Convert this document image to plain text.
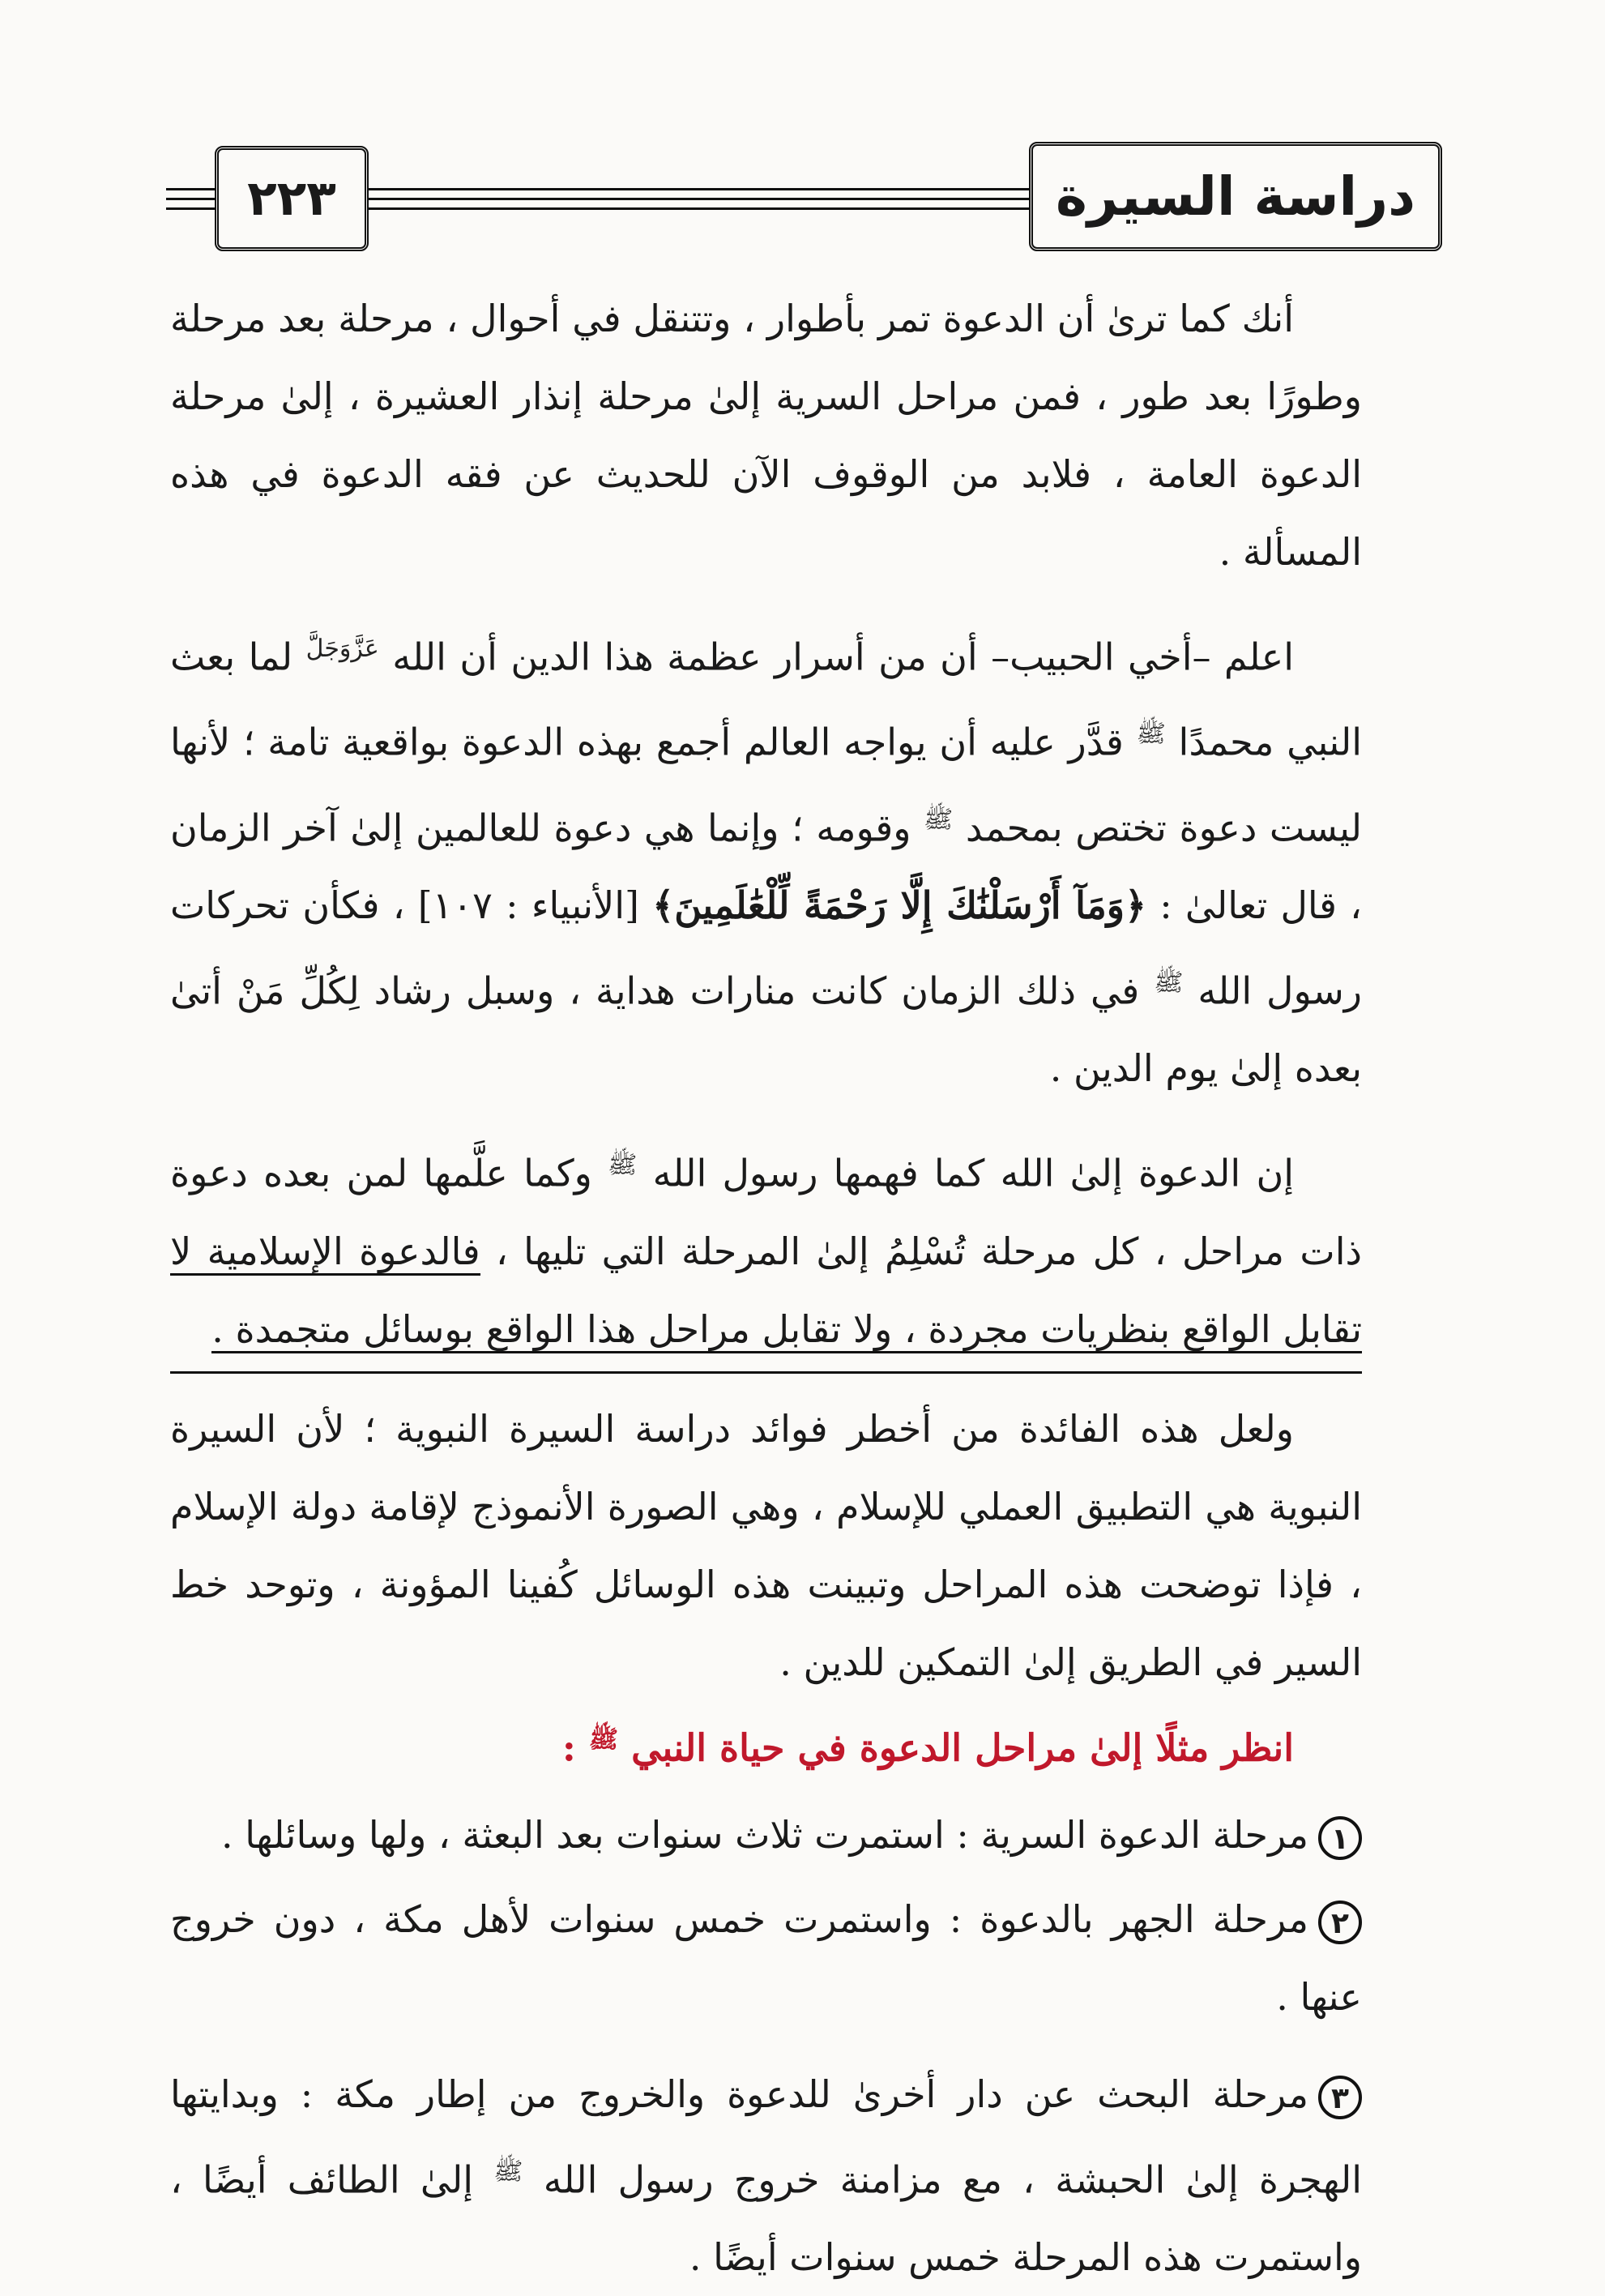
٢٢٣	دراسة السيرة

أنك كما ترىٰ أن الدعوة تمر بأطوار ، وتتنقل في أحوال ، مرحلة بعد مرحلة وطورًا بعد طور ، فمن مراحل السرية إلىٰ مرحلة إنذار العشيرة ، إلىٰ مرحلة الدعوة العامة ، فلابد من الوقوف الآن للحديث عن فقه الدعوة في هذه المسألة .

اعلم –أخي الحبيب– أن من أسرار عظمة هذا الدين أن الله $^{عَزَّوَجَلَّ}$ لما بعث النبي محمدًا $^ﷺ$ قدَّر عليه أن يواجه العالم أجمع بهذه الدعوة بواقعية تامة ؛ لأنها ليست دعوة تختص بمحمد $^ﷺ$ وقومه ؛ وإنما هي دعوة للعالمين إلىٰ آخر الزمان ، قال تعالىٰ : ﴿وَمَآ أَرْسَلْنَٰكَ إِلَّا رَحْمَةً لِّلْعَٰلَمِينَ﴾ [الأنبياء : ١٠٧] ، فكأن تحركات رسول الله $^ﷺ$ في ذلك الزمان كانت منارات هداية ، وسبل رشاد لِكُلِّ مَنْ أتىٰ بعده إلىٰ يوم الدين .

إن الدعوة إلىٰ الله كما فهمها رسول الله $^ﷺ$ وكما علَّمها لمن بعده دعوة ذات مراحل ، كل مرحلة تُسْلِمُ إلىٰ المرحلة التي تليها ، فالدعوة الإسلامية لا تقابل الواقع بنظريات مجردة ، ولا تقابل مراحل هذا الواقع بوسائل متجمدة .

ولعل هذه الفائدة من أخطر فوائد دراسة السيرة النبوية ؛ لأن السيرة النبوية هي التطبيق العملي للإسلام ، وهي الصورة الأنموذج لإقامة دولة الإسلام ، فإذا توضحت هذه المراحل وتبينت هذه الوسائل كُفينا المؤونة ، وتوحد خط السير في الطريق إلىٰ التمكين للدين .

انظر مثلًا إلىٰ مراحل الدعوة في حياة النبي $^ﷺ$ :

١مرحلة الدعوة السرية : استمرت ثلاث سنوات بعد البعثة ، ولها وسائلها .

٢مرحلة الجهر بالدعوة : واستمرت خمس سنوات لأهل مكة ، دون خروج عنها .

٣مرحلة البحث عن دار أخرىٰ للدعوة والخروج من إطار مكة : وبدايتها الهجرة إلىٰ الحبشة ، مع مزامنة خروج رسول الله $^ﷺ$ إلىٰ الطائف أيضًا ، واستمرت هذه المرحلة خمس سنوات أيضًا .
